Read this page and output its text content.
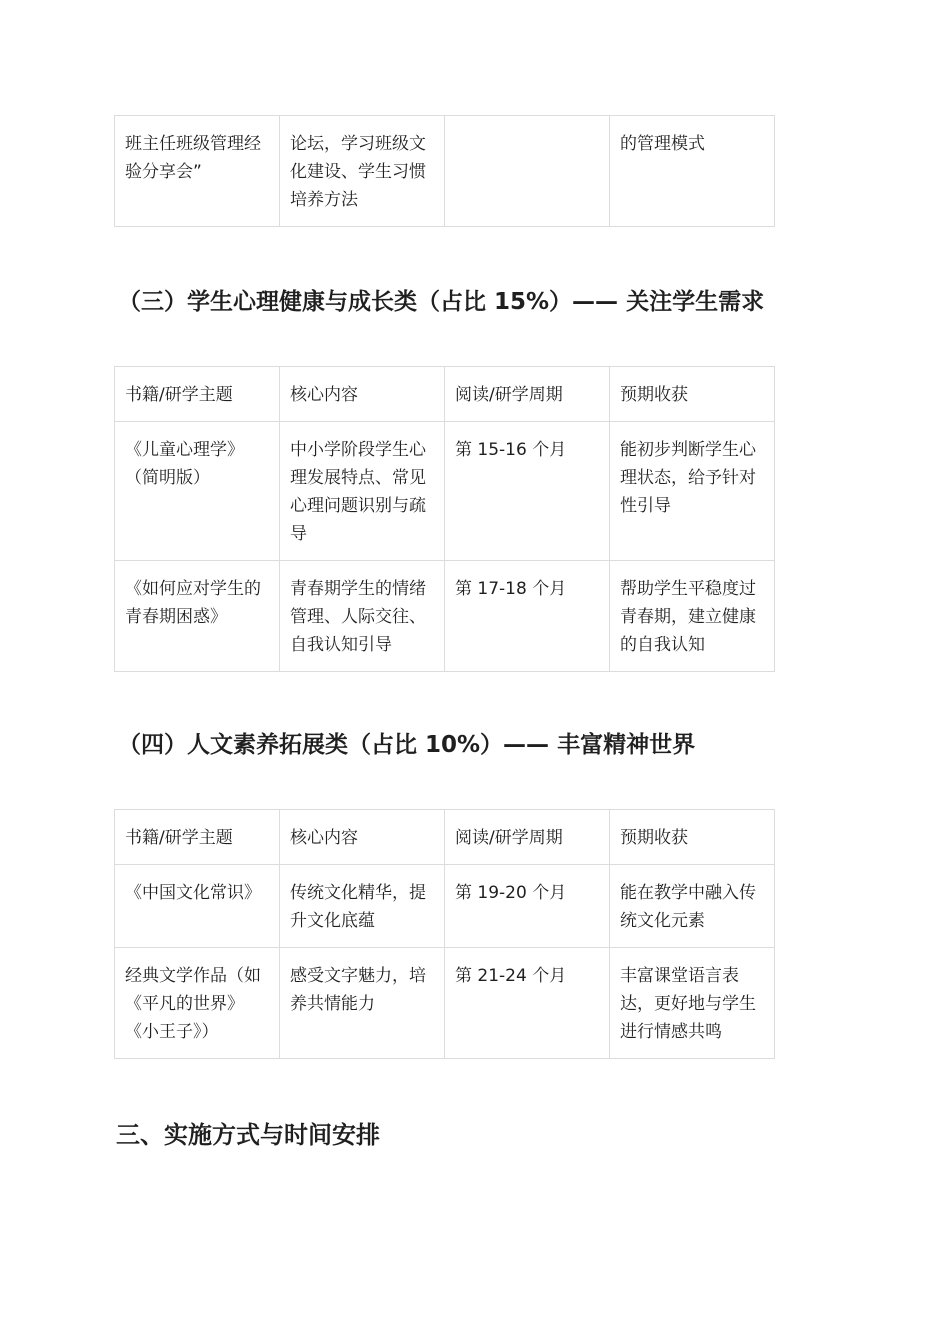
班主任班级管理经验分享会”	论坛，学习班级文化建设、学生习惯培养方法		的管理模式
（三）学生心理健康与成长类（占比 15%）—— 关注学生需求
书籍/研学主题	核心内容	阅读/研学周期	预期收获
《儿童心理学》（简明版）	中小学阶段学生心理发展特点、常见心理问题识别与疏导	第 15-16 个月	能初步判断学生心理状态，给予针对性引导
《如何应对学生的青春期困惑》	青春期学生的情绪管理、人际交往、自我认知引导	第 17-18 个月	帮助学生平稳度过青春期，建立健康的自我认知
（四）人文素养拓展类（占比 10%）—— 丰富精神世界
书籍/研学主题	核心内容	阅读/研学周期	预期收获
《中国文化常识》	传统文化精华，提升文化底蕴	第 19-20 个月	能在教学中融入传统文化元素
经典文学作品（如《平凡的世界》《小王子》）	感受文字魅力，培养共情能力	第 21-24 个月	丰富课堂语言表达，更好地与学生进行情感共鸣
三、实施方式与时间安排
